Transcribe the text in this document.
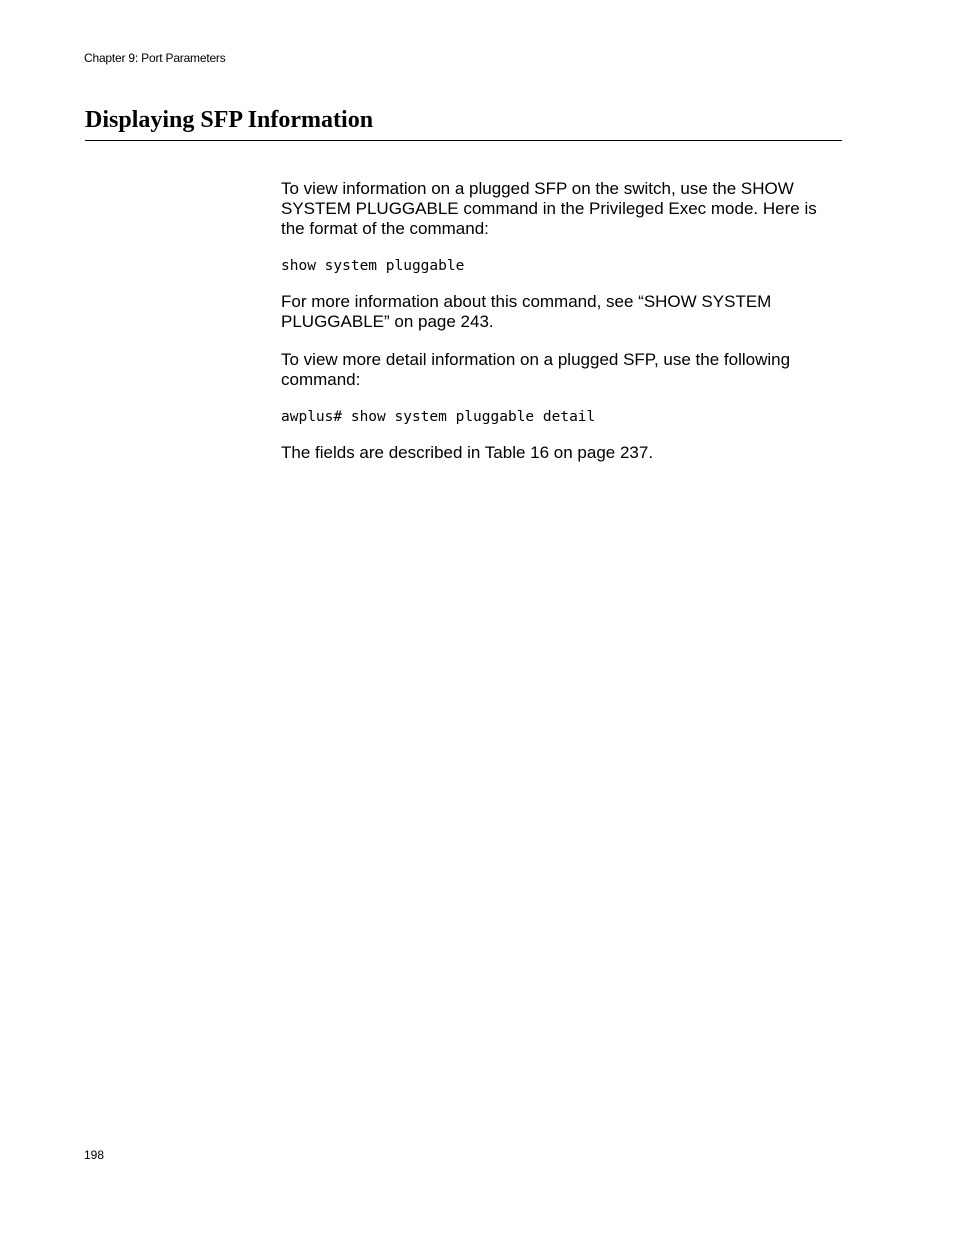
Chapter 9: Port Parameters
Displaying SFP Information

To view information on a plugged SFP on the switch, use the SHOW SYSTEM PLUGGABLE command in the Privileged Exec mode. Here is the format of the command:

show system pluggable

For more information about this command, see “SHOW SYSTEM PLUGGABLE” on page 243.

To view more detail information on a plugged SFP, use the following command:

awplus# show system pluggable detail

The fields are described in Table 16 on page 237.

198
